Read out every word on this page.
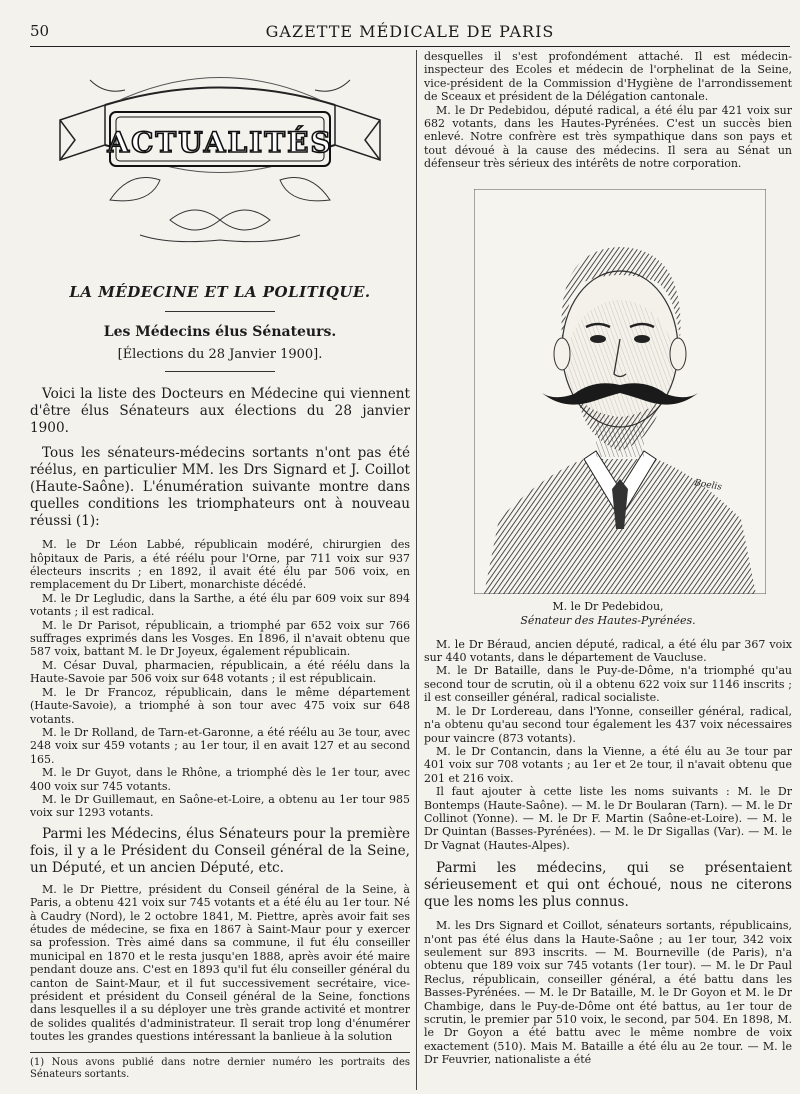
50	GAZETTE MÉDICALE DE PARIS
ACTUALITÉS
LA MÉDECINE ET LA POLITIQUE.
Les Médecins élus Sénateurs.
[Élections du 28 Janvier 1900].

Voici la liste des Docteurs en Médecine qui viennent d'être élus Sénateurs aux élections du 28 janvier 1900.

Tous les sénateurs-médecins sortants n'ont pas été réélus, en particulier MM. les Drs Signard et J. Coillot (Haute-Saône). L'énumération suivante montre dans quelles conditions les triomphateurs ont à nouveau réussi (1):

M. le Dr Léon Labbé, républicain modéré, chirurgien des hôpitaux de Paris, a été réélu pour l'Orne, par 711 voix sur 937 électeurs inscrits ; en 1892, il avait été élu par 506 voix, en remplacement du Dr Libert, monarchiste décédé.

M. le Dr Legludic, dans la Sarthe, a été élu par 609 voix sur 894 votants ; il est radical.

M. le Dr Parisot, républicain, a triomphé par 652 voix sur 766 suffrages exprimés dans les Vosges. En 1896, il n'avait obtenu que 587 voix, battant M. le Dr Joyeux, également républicain.

M. César Duval, pharmacien, républicain, a été réélu dans la Haute-Savoie par 506 voix sur 648 votants ; il est républicain.

M. le Dr Francoz, républicain, dans le même département (Haute-Savoie), a triomphé à son tour avec 475 voix sur 648 votants.

M. le Dr Rolland, de Tarn-et-Garonne, a été réélu au 3e tour, avec 248 voix sur 459 votants ; au 1er tour, il en avait 127 et au second 165.

M. le Dr Guyot, dans le Rhône, a triomphé dès le 1er tour, avec 400 voix sur 745 votants.

M. le Dr Guillemaut, en Saône-et-Loire, a obtenu au 1er tour 985 voix sur 1293 votants.

Parmi les Médecins, élus Sénateurs pour la première fois, il y a le Président du Conseil général de la Seine, un Député, et un ancien Député, etc.

M. le Dr Piettre, président du Conseil général de la Seine, à Paris, a obtenu 421 voix sur 745 votants et a été élu au 1er tour. Né à Caudry (Nord), le 2 octobre 1841, M. Piettre, après avoir fait ses études de médecine, se fixa en 1867 à Saint-Maur pour y exercer sa profession. Très aimé dans sa commune, il fut élu conseiller municipal en 1870 et le resta jusqu'en 1888, après avoir été maire pendant douze ans. C'est en 1893 qu'il fut élu conseiller général du canton de Saint-Maur, et il fut successivement secrétaire, vice-président et président du Conseil général de la Seine, fonctions dans lesquelles il a su déployer une très grande activité et montrer de solides qualités d'administrateur. Il serait trop long d'énumérer toutes les grandes questions intéressant la banlieue à la solution

(1) Nous avons publié dans notre dernier numéro les portraits des Sénateurs sortants.

desquelles il s'est profondément attaché. Il est médecin-inspecteur des Ecoles et médecin de l'orphelinat de la Seine, vice-président de la Commission d'Hygiène de l'arrondissement de Sceaux et président de la Délégation cantonale.

M. le Dr Pedebidou, député radical, a été élu par 421 voix sur 682 votants, dans les Hautes-Pyrénées. C'est un succès bien enlevé. Notre confrère est très sympathique dans son pays et tout dévoué à la cause des médecins. Il sera au Sénat un défenseur très sérieux des intérêts de notre corporation.

Boelis
M. le Dr Pedebidou,
Sénateur des Hautes-Pyrénées.

M. le Dr Béraud, ancien député, radical, a été élu par 367 voix sur 440 votants, dans le département de Vaucluse.

M. le Dr Bataille, dans le Puy-de-Dôme, n'a triomphé qu'au second tour de scrutin, où il a obtenu 622 voix sur 1146 inscrits ; il est conseiller général, radical socialiste.

M. le Dr Lordereau, dans l'Yonne, conseiller général, radical, n'a obtenu qu'au second tour également les 437 voix nécessaires pour vaincre (873 votants).

M. le Dr Contancin, dans la Vienne, a été élu au 3e tour par 401 voix sur 708 votants ; au 1er et 2e tour, il n'avait obtenu que 201 et 216 voix.

Il faut ajouter à cette liste les noms suivants : M. le Dr Bontemps (Haute-Saône). — M. le Dr Boularan (Tarn). — M. le Dr Collinot (Yonne). — M. le Dr F. Martin (Saône-et-Loire). — M. le Dr Quintan (Basses-Pyrénées). — M. le Dr Sigallas (Var). — M. le Dr Vagnat (Hautes-Alpes).

Parmi les médecins, qui se présentaient sérieusement et qui ont échoué, nous ne citerons que les noms les plus connus.

M. les Drs Signard et Coillot, sénateurs sortants, républicains, n'ont pas été élus dans la Haute-Saône ; au 1er tour, 342 voix seulement sur 893 inscrits. — M. Bourneville (de Paris), n'a obtenu que 189 voix sur 745 votants (1er tour). — M. le Dr Paul Reclus, républicain, conseiller général, a été battu dans les Basses-Pyrénées. — M. le Dr Bataille, M. le Dr Goyon et M. le Dr Chambige, dans le Puy-de-Dôme ont été battus, au 1er tour de scrutin, le premier par 510 voix, le second, par 504. En 1898, M. le Dr Goyon a été battu avec le même nombre de voix exactement (510). Mais M. Bataille a été élu au 2e tour. — M. le Dr Feuvrier, nationaliste a été
